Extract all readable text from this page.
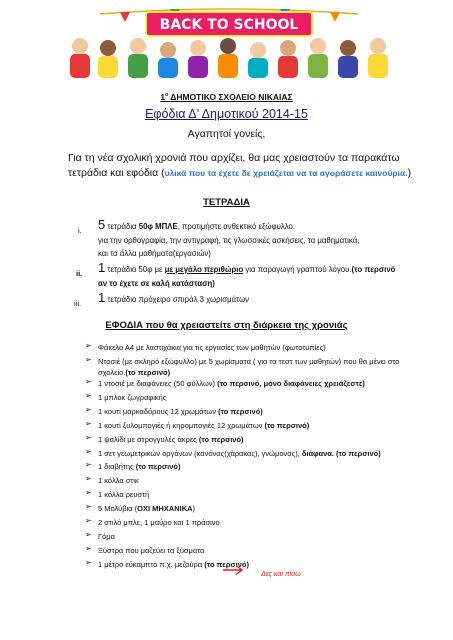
BACK TO SCHOOL
$1^o$ ΔΗΜΟΤΙΚΟ ΣΧΟΛΕΙΟ ΝΙΚΑΙΑΣ
Εφόδια Δ’ Δημοτικού 2014-15
Αγαπητοί γονείς,
Για τη νέα σχολική χρονιά που αρχίζει, θα μας χρειαστούν τα παρακάτω τετράδια και εφόδια (υλικά που τα έχετε δε χρειάζεται να τα αγοράσετε καινούρια.)
ΤΕΤΡΑΔΙΑ
i. 5 τετράδια 50φ ΜΠΛΕ, προτιμήστε ανθεκτικό εξώφυλλο.
για την ορθογραφία, την αντιγραφή, τις γλωσσικές ασκήσεις, τα μαθηματικά,
και τα άλλα μαθήματα(εργασιών)
ii. 1 τετράδιο 50φ με με μεγάλο περιθώριο για παραγωγή γραπτού λόγου.(το περσινό
αν το έχετε σε καλή κατάσταση)
iii. 1 τετράδιο πρόχειρο σπιράλ 3 χωρισμάτων
ΕΦΟΔΙΑ που θα χρειαστείτε στη διάρκεια της χρονιάς
➢ Φάκελο Α4 με λαστιχάκια για τις εργασίες των μαθητών (φωτοτυπίες)
➢ Ντοσιέ (με σκληρό εξώφυλλο) με 5 χωρίσματα ( για τα τεστ των μαθητών) που θα μένει στο σχολείο.(το περσινό)
➢ 1 ντοσιέ με διαφάνειες (50 φύλλων) (το περσινό, μόνο διαφάνειες χρειάζεστε)
➢ 1 μπλοκ ζωγραφικής
➢ 1 κουτί μαρκαδόρους 12 χρωμάτων (το περσινό)
➢ 1 κουτί ξυλομπογιές ή κηρομπογιές 12 χρωμάτων (το περσινό)
➢ 1 ψαλίδι με στρογγυλές άκρες (το περσινό)
➢ 1 σετ γεωμετρικών οργάνων (κανόνας(χάρακας), γνώμονας), διάφανα. (το περσινό)
➢ 1 διαβήτης (το περσινό)
➢ 1 κόλλα στικ
➢ 1 κόλλα ρευστή
➢ 5 Μολύβια (ΟΧΙ ΜΗΧΑΝΙΚΑ)
➢ 2 στιλό μπλε, 1 μαύρο και 1 πράσινο
➢ Γόμα
➢ Ξύστρα που μαζεύει τα ξύσματα
➢ 1 μέτρο εύκαμπτο π.χ. μεζούρα (το περσινό)
Δες και πίσω
